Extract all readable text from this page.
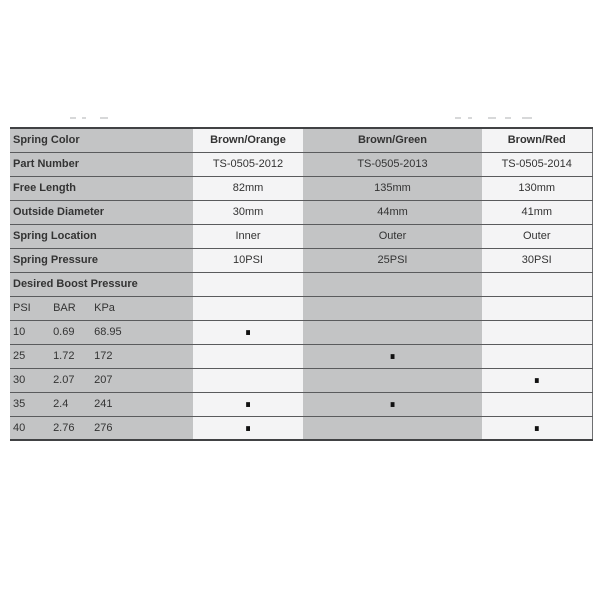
Spring Color	Brown/Orange	Brown/Green	Brown/Red
Part Number	TS-0505-2012	TS-0505-2013	TS-0505-2014
Free Length	82mm	135mm	130mm
Outside Diameter	30mm	44mm	41mm
Spring Location	Inner	Outer	Outer
Spring Pressure	10PSI	25PSI	30PSI
Desired Boost Pressure			
PSI BAR KPa			
10 0.69 68.95	■		
25 1.72 172		■	
30 2.07 207			■
35 2.4 241	■	■	
40 2.76 276	■		■
